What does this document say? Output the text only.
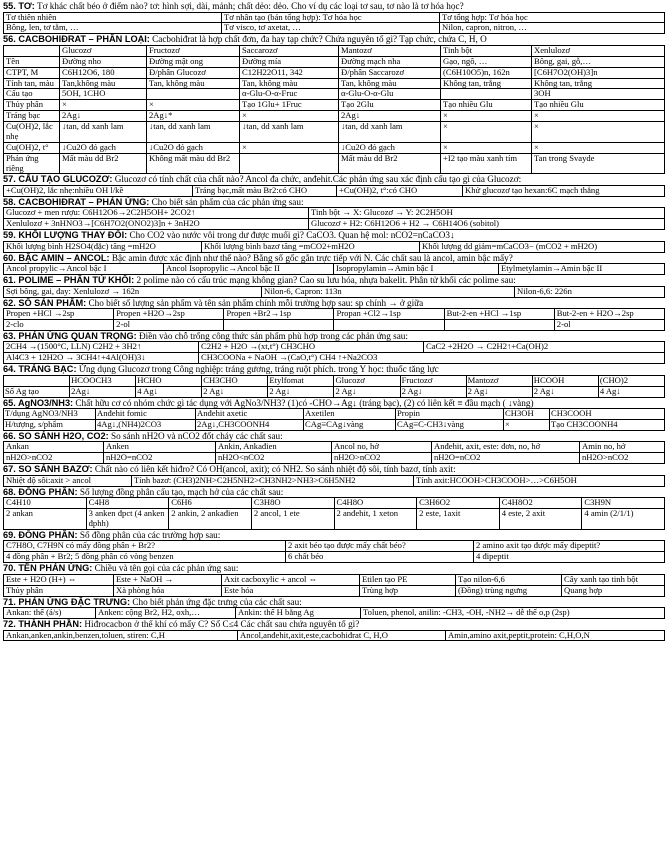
55. TƠ: Tơ khác chất béo ở điểm nào? tơ: hình sợi, dài, mảnh; chất dẻo: dẻo. Cho ví dụ các loại tơ sau, tơ nào là tơ hóa học?
Tơ thiên nhiên	Tơ nhân tạo (bán tổng hợp): Tơ hóa học	Tơ tổng hợp: Tơ hóa học
Bông, len, tơ tằm, …	Tơ visco, tơ axetat, …	Nilon, capron, nitron, …
56. CACBOHIĐRAT – PHÂN LOẠI: Cacbohiđrat là hợp chất đơn, đa hay tạp chức? Chứa nguyên tố gì? Tạp chức, chứa C, H, O
	Glucozơ	Fructozơ	Saccarozơ	Mantozơ	Tinh bột	Xenlulozơ
Tên	Đường nho	Đường mật ong	Đường mía	Đường mạch nha	Gạo, ngô, …	Bông, gai, gỗ,…
CTPT, M	C6H12O6, 180	Đ/phân Glucozơ	C12H22O11, 342	Đ/phân Saccarozơ	(C6H10O5)n, 162n	[C6H7O2(OH)3]n
Tính tan, màu	Tan,không màu	Tan, không màu	Tan, không màu	Tan, không màu	Không tan, trắng	Không tan, trắng
Cấu tạo	5OH, 1CHO		α-Glu-O-α-Fruc	α-Glu-O-α-Glu		3OH
Thủy phân	×	×	Tạo 1Glu+ 1Fruc	Tạo 2Glu	Tạo nhiều Glu	Tạo nhiều Glu
Tráng bạc	2Ag↓	2Ag↓*	×	2Ag↓	×	×
Cu(OH)2, lắc nhẹ	↓tan, dd xanh lam	↓tan, dd xanh lam	↓tan, dd xanh lam	↓tan, dd xanh lam	×	×
Cu(OH)2, t°	↓Cu2O đỏ gạch	↓Cu2O đỏ gạch	×	↓Cu2O đỏ gạch	×	×
Phản ứng riêng	Mất màu dd Br2	Không mất màu dd Br2		Mất màu dd Br2	+I2 tạo màu xanh tím	Tan trong Svayde
57. CẤU TẠO GLUCOZƠ: Glucozơ có tính chất của chất nào? Ancol đa chức, anđehit.Các phản ứng sau xác định cấu tạo gì của Glucozơ:
+Cu(OH)2, lắc nhẹ:nhiều OH l/kề	Tráng bạc,mất màu Br2:có CHO	+Cu(OH)2, t°:có CHO	Khử glucozơ tạo hexan:6C mạch thẳng
58. CACBOHIĐRAT – PHẢN ỨNG: Cho biết sản phẩm của các phản ứng sau:
Glucozơ + men rượu: C6H12O6→2C2H5OH+ 2CO2↑	Tinh bột → X: Glucozơ → Y: 2C2H5OH
Xenlulozơ + 3nHNO3→[C6H7O2(ONO2)3]n + 3nH2O	Glucozơ + H2: C6H12O6 + H2 → C6H14O6 (sobitol)
59. KHỐI LƯỢNG THAY ĐỔI: Cho CO2 vào nước vôi trong dư được muối gì? CaCO3. Quan hệ mol: nCO2=nCaCO3↓
Khối lượng bình H2SO4(đặc) tăng =mH2O	Khối lượng bình bazơ tăng =mCO2+mH2O	Khối lượng dd giảm=mCaCO3− (mCO2 + mH2O)
60. BẬC AMIN – ANCOL: Bậc amin được xác định như thế nào? Bằng số gốc gắn trực tiếp với N. Các chất sau là ancol, amin bậc mấy?
Ancol propylic→Ancol bậc I	Ancol Isopropylic→Ancol bậc II	Isopropylamin→Amin bậc I	Etylmetylamin→Amin bậc II
61. POLIME – PHÂN TỬ KHỐI: 2 polime nào có cấu trúc mạng không gian? Cao su lưu hóa, nhựa bakelit. Phân tử khối các polime sau:
Sợi bông, gai, đay: Xenlulozơ → 162n	Nilon-6, Capron: 113n	Nilon-6,6: 226n
62. SỐ SẢN PHẨM: Cho biết số lượng sản phẩm và tên sản phẩm chính mỗi trường hợp sau: sp chính → ở giữa
Propen +HCl →2sp	Propen +H2O→2sp	Propen +Br2→1sp	Propan +Cl2→1sp	But-2-en +HCl →1sp	But-2-en + H2O→2sp
2-clo	2-ol				2-ol
63. PHẢN ỨNG QUAN TRỌNG: Điền vào chỗ trống công thức sản phẩm phù hợp trong các phản ứng sau:
2CH4 →(1500°C, LLN) C2H2 + 3H2↑	C2H2 + H2O →(xt,t°) CH3CHO	CaC2 +2H2O → C2H2↑+Ca(OH)2
Al4C3 + 12H2O → 3CH4↑+4Al(OH)3↓	CH3COONa + NaOH →(CaO,t°) CH4 ↑+Na2CO3	
64. TRÁNG BẠC: Ứng dụng Glucozơ trong Công nghiệp: tráng gương, tráng ruột phích. trong Y học: thuốc tăng lực
	HCOOCH3	HCHO	CH3CHO	Etylfomat	Glucozơ	Fructozơ	Mantozơ	HCOOH	(CHO)2
Số Ag tạo	2Ag↓	4 Ag↓	2 Ag↓	2 Ag↓	2 Ag↓	2 Ag↓	2 Ag↓	2 Ag↓	4 Ag↓
65. AgNO3/NH3: Chất hữu cơ có nhóm chức gì tác dụng với AgNo3/NH3? (1)có -CHO→Ag↓ (tráng bạc), (2) có liên kết ≡ đầu mạch ( ↓vàng)
T/dụng AgNO3/NH3	Anđehit fomic	Anđehit axetic	Axetilen	Propin	CH3OH	CH3COOH
H/tượng, s/phẩm	4Ag↓,(NH4)2CO3	2Ag↓,CH3COONH4	CAg≡CAg↓vàng	CAg≡C-CH3↓vàng	×	Tạo CH3COONH4
66. SO SÁNH H2O, CO2: So sánh nH2O và nCO2 đốt cháy các chất sau:
Ankan	Anken	Ankin, Ankađien	Ancol no, hở	Anđehit, axit, este: đơn, no, hở	Amin no, hở
nH2O>nCO2	nH2O=nCO2	nH2O<nCO2	nH2O>nCO2	nH2O=nCO2	nH2O>nCO2
67. SO SÁNH BAZƠ: Chất nào có liên kết hiđro? Có OH(ancol, axit); có NH2. So sánh nhiệt độ sôi, tính bazơ, tính axit:
Nhiệt độ sôi:axit > ancol	Tính bazơ: (CH3)2NH>C2H5NH2>CH3NH2>NH3>C6H5NH2	Tính axit:HCOOH>CH3COOH>…>C6H5OH
68. ĐỒNG PHÂN: Số lượng đồng phân cấu tạo, mạch hở của các chất sau:
C4H10	C4H8	C6H6	C3H8O	C4H8O	C3H6O2	C4H8O2	C3H9N
2 ankan	3 anken đpct (4 anken đphh)	2 ankin, 2 ankađien	2 ancol, 1 ete	2 anđehit, 1 xeton	2 este, 1axit	4 este, 2 axit	4 amin (2/1/1)
69. ĐỒNG PHÂN: Số đồng phân của các trường hợp sau:
C7H8O, C7H9N có mấy đồng phân + Br2?	2 axit béo tạo được mấy chất béo?	2 amino axit tạo được mấy đipeptit?
4 đồng phân + Br2; 5 đồng phân có vòng benzen	6 chất béo	4 đipeptit
70. TÊN PHẢN ỨNG: Chiều và tên gọi của các phản ứng sau:
Este + H2O (H+) ⇔	Este + NaOH →	Axit cacboxylic + ancol ⇔	Etilen tạo PE	Tạo nilon-6,6	Cây xanh tạo tinh bột
Thủy phân	Xà phòng hóa	Este hóa	Trùng hợp	(Đồng) trùng ngưng	Quang hợp
71. PHẢN ỨNG ĐẶC TRƯNG: Cho biết phản ứng đặc trưng của các chất sau:
Ankan: thế (á/s)	Anken: cộng Br2, H2, oxh,…	Ankin: thế H bằng Ag	Toluen, phenol, anilin: -CH3, -OH, -NH2→ dễ thế o,p (2sp)
72. THÀNH PHẦN: Hiđrocacbon ở thể khí có mấy C? Số C≤4 Các chất sau chứa nguyên tố gì?
Ankan,anken,ankin,benzen,toluen, stiren: C,H	Ancol,anđehit,axit,este,cacbohiđrat C, H,O	Amin,amino axit,peptit,protein: C,H,O,N
